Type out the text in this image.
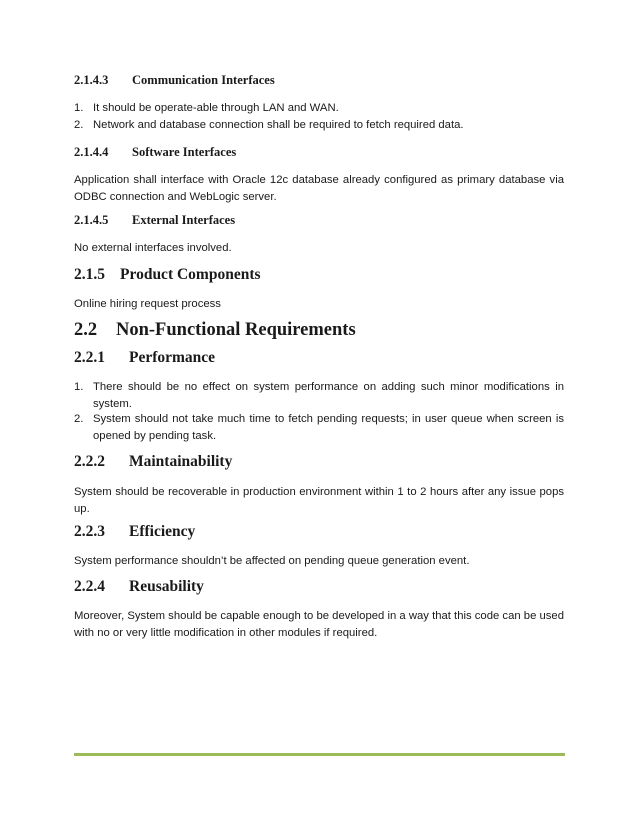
2.1.4.3 Communication Interfaces
1. It should be operate-able through LAN and WAN.
2. Network and database connection shall be required to fetch required data.
2.1.4.4 Software Interfaces
Application shall interface with Oracle 12c database already configured as primary database via ODBC connection and WebLogic server.
2.1.4.5 External Interfaces
No external interfaces involved.
2.1.5 Product Components
Online hiring request process
2.2 Non-Functional Requirements
2.2.1 Performance
1. There should be no effect on system performance on adding such minor modifications in system.
2. System should not take much time to fetch pending requests; in user queue when screen is opened by pending task.
2.2.2 Maintainability
System should be recoverable in production environment within 1 to 2 hours after any issue pops up.
2.2.3 Efficiency
System performance shouldn’t be affected on pending queue generation event.
2.2.4 Reusability
Moreover, System should be capable enough to be developed in a way that this code can be used with no or very little modification in other modules if required.
